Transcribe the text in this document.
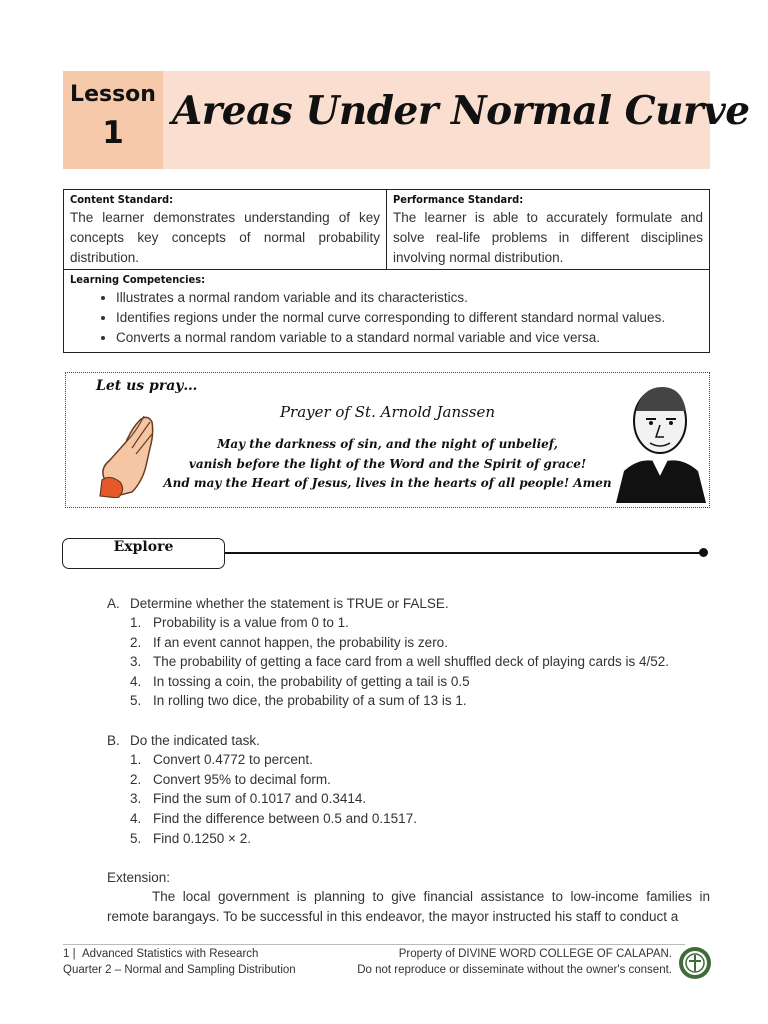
Lesson
1	Areas Under Normal Curve
Content Standard:
The learner demonstrates understanding of key concepts key concepts of normal probability distribution.
Performance Standard:
The learner is able to accurately formulate and solve real-life problems in different disciplines involving normal distribution.
Learning Competencies:
• Illustrates a normal random variable and its characteristics.
• Identifies regions under the normal curve corresponding to different standard normal values.
• Converts a normal random variable to a standard normal variable and vice versa.
Let us pray…
Prayer of St. Arnold Janssen
May the darkness of sin, and the night of unbelief,
vanish before the light of the Word and the Spirit of grace!
And may the Heart of Jesus, lives in the hearts of all people! Amen
Explore
A. Determine whether the statement is TRUE or FALSE.
1. Probability is a value from 0 to 1.
2. If an event cannot happen, the probability is zero.
3. The probability of getting a face card from a well shuffled deck of playing cards is 4/52.
4. In tossing a coin, the probability of getting a tail is 0.5
5. In rolling two dice, the probability of a sum of 13 is 1.
B. Do the indicated task.
1. Convert 0.4772 to percent.
2. Convert 95% to decimal form.
3. Find the sum of 0.1017 and 0.3414.
4. Find the difference between 0.5 and 0.1517.
5. Find 0.1250 × 2.
Extension:
The local government is planning to give financial assistance to low-income families in remote barangays. To be successful in this endeavor, the mayor instructed his staff to conduct a
1 | Advanced Statistics with Research
Quarter 2 – Normal and Sampling Distribution
Property of DIVINE WORD COLLEGE OF CALAPAN.
Do not reproduce or disseminate without the owner's consent.
